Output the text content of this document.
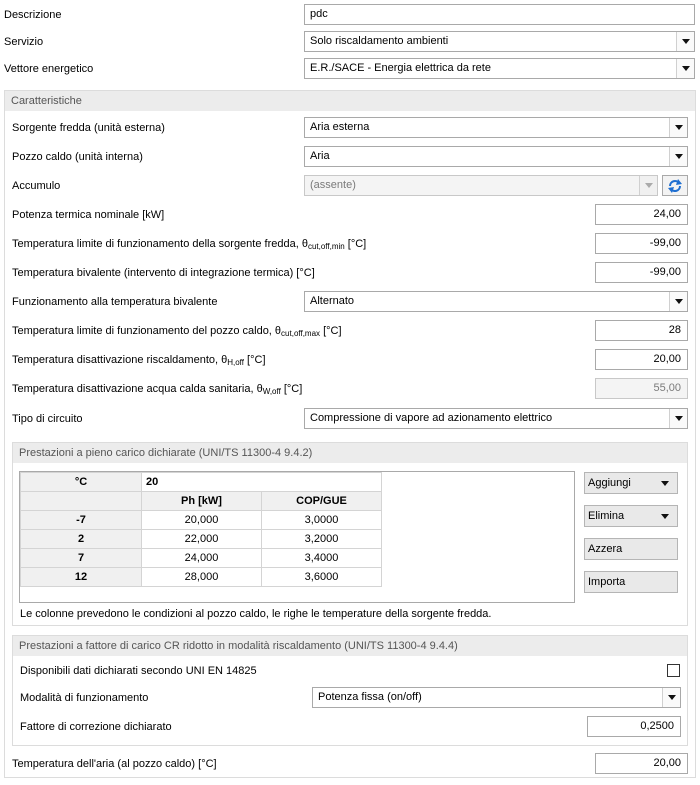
Descrizione	pdc
Servizio	Solo riscaldamento ambienti
Vettore energetico	E.R./SACE - Energia elettrica da rete
Caratteristiche
Sorgente fredda (unità esterna)	Aria esterna
Pozzo caldo (unità interna)	Aria
Accumulo	(assente)
Potenza termica nominale [kW]	24,00
Temperatura limite di funzionamento della sorgente fredda, $\theta_{cut,off,min}$ [°C]	-99,00
Temperatura bivalente (intervento di integrazione termica) [°C]	-99,00
Funzionamento alla temperatura bivalente	Alternato
Temperatura limite di funzionamento del pozzo caldo, $\theta_{cut,off,max}$ [°C]	28
Temperatura disattivazione riscaldamento, $\theta_{H,off}$ [°C]	20,00
Temperatura disattivazione acqua calda sanitaria, $\theta_{W,off}$ [°C]	55,00
Tipo di circuito	Compressione di vapore ad azionamento elettrico
Prestazioni a pieno carico dichiarate (UNI/TS 11300-4 9.4.2)
°C	20	
	Ph [kW]	COP/GUE
-7	20,000	3,0000
2	22,000	3,2000
7	24,000	3,4000
12	28,000	3,6000
Aggiungi
Elimina
Azzera
Importa
Le colonne prevedono le condizioni al pozzo caldo, le righe le temperature della sorgente fredda.
Prestazioni a fattore di carico CR ridotto in modalità riscaldamento (UNI/TS 11300-4 9.4.4)
Disponibili dati dichiarati secondo UNI EN 14825
Modalità di funzionamento	Potenza fissa (on/off)
Fattore di correzione dichiarato	0,2500
Temperatura dell'aria (al pozzo caldo) [°C]	20,00
